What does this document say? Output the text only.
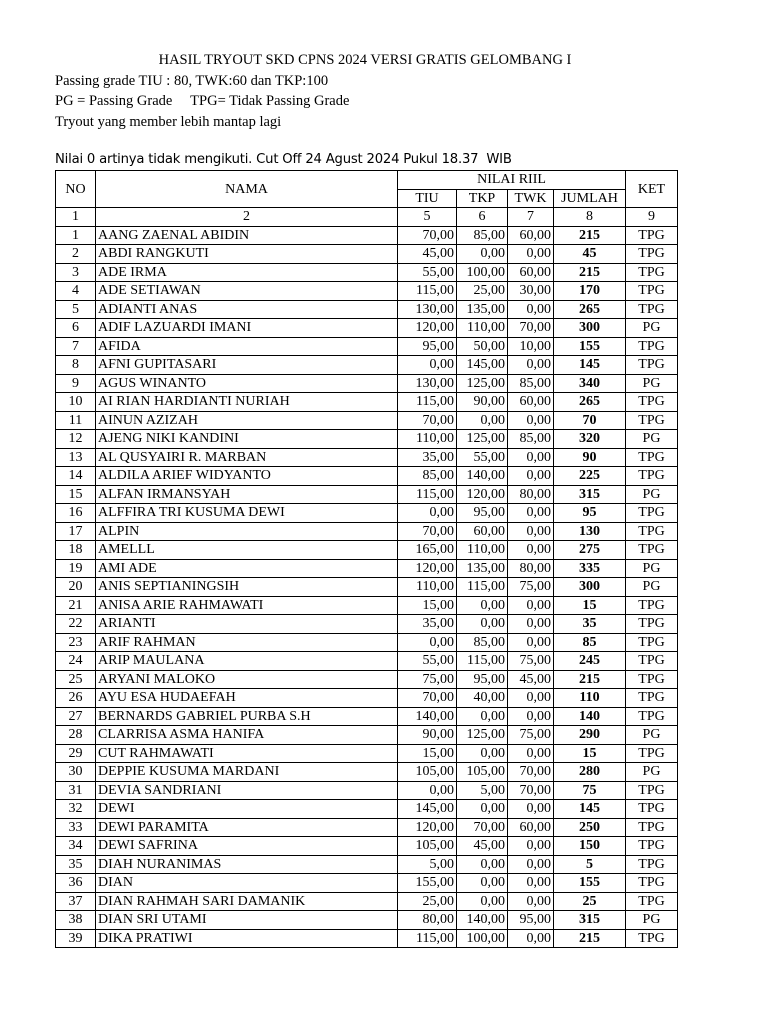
HASIL TRYOUT SKD CPNS 2024 VERSI GRATIS GELOMBANG I
Passing grade TIU : 80, TWK:60 dan TKP:100
PG = Passing Grade     TPG= Tidak Passing Grade
Tryout yang member lebih mantap lagi
Nilai 0 artinya tidak mengikuti. Cut Off 24 Agust 2024 Pukul 18.37  WIB
NO	NAMA	NILAI RIIL				KET
		TIU	TKP	TWK	JUMLAH	
1	2	5	6	7	8	9
1	AANG ZAENAL ABIDIN	70,00	85,00	60,00	215	TPG
2	ABDI RANGKUTI	45,00	0,00	0,00	45	TPG
3	ADE IRMA	55,00	100,00	60,00	215	TPG
4	ADE SETIAWAN	115,00	25,00	30,00	170	TPG
5	ADIANTI ANAS	130,00	135,00	0,00	265	TPG
6	ADIF LAZUARDI IMANI	120,00	110,00	70,00	300	PG
7	AFIDA	95,00	50,00	10,00	155	TPG
8	AFNI GUPITASARI	0,00	145,00	0,00	145	TPG
9	AGUS WINANTO	130,00	125,00	85,00	340	PG
10	AI RIAN HARDIANTI NURIAH	115,00	90,00	60,00	265	TPG
11	AINUN AZIZAH	70,00	0,00	0,00	70	TPG
12	AJENG NIKI KANDINI	110,00	125,00	85,00	320	PG
13	AL QUSYAIRI R. MARBAN	35,00	55,00	0,00	90	TPG
14	ALDILA ARIEF WIDYANTO	85,00	140,00	0,00	225	TPG
15	ALFAN IRMANSYAH	115,00	120,00	80,00	315	PG
16	ALFFIRA TRI KUSUMA DEWI	0,00	95,00	0,00	95	TPG
17	ALPIN	70,00	60,00	0,00	130	TPG
18	AMELLL	165,00	110,00	0,00	275	TPG
19	AMI ADE	120,00	135,00	80,00	335	PG
20	ANIS SEPTIANINGSIH	110,00	115,00	75,00	300	PG
21	ANISA ARIE RAHMAWATI	15,00	0,00	0,00	15	TPG
22	ARIANTI	35,00	0,00	0,00	35	TPG
23	ARIF RAHMAN	0,00	85,00	0,00	85	TPG
24	ARIP MAULANA	55,00	115,00	75,00	245	TPG
25	ARYANI MALOKO	75,00	95,00	45,00	215	TPG
26	AYU ESA HUDAEFAH	70,00	40,00	0,00	110	TPG
27	BERNARDS GABRIEL PURBA S.H	140,00	0,00	0,00	140	TPG
28	CLARRISA ASMA HANIFA	90,00	125,00	75,00	290	PG
29	CUT RAHMAWATI	15,00	0,00	0,00	15	TPG
30	DEPPIE KUSUMA MARDANI	105,00	105,00	70,00	280	PG
31	DEVIA SANDRIANI	0,00	5,00	70,00	75	TPG
32	DEWI	145,00	0,00	0,00	145	TPG
33	DEWI PARAMITA	120,00	70,00	60,00	250	TPG
34	DEWI SAFRINA	105,00	45,00	0,00	150	TPG
35	DIAH NURANIMAS	5,00	0,00	0,00	5	TPG
36	DIAN	155,00	0,00	0,00	155	TPG
37	DIAN RAHMAH SARI DAMANIK	25,00	0,00	0,00	25	TPG
38	DIAN SRI UTAMI	80,00	140,00	95,00	315	PG
39	DIKA PRATIWI	115,00	100,00	0,00	215	TPG
